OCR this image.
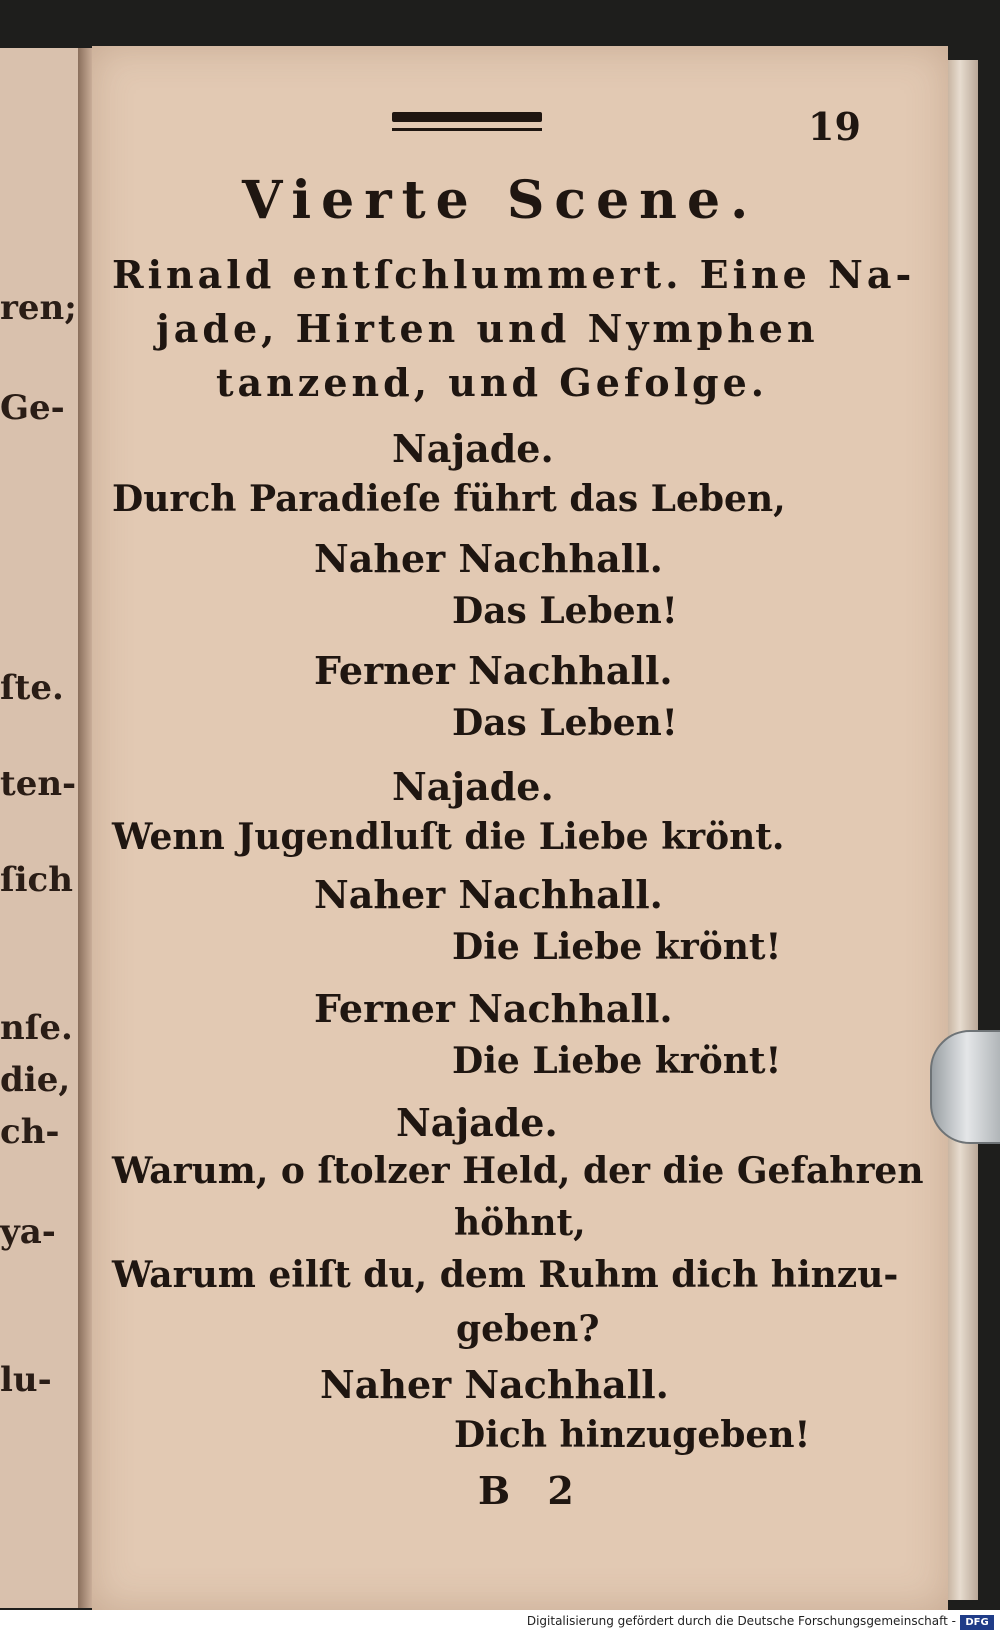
ren;
Ge-
ſte.
ten-
ſich
nſe.
die,
ch-
ya-
lu-
19
Vierte Scene.
Rinald entſchlummert. Eine Na-
jade, Hirten und Nymphen
tanzend, und Gefolge.
Najade.
Durch Paradieſe führt das Leben,
Naher Nachhall.
Das Leben!
Ferner Nachhall.
Das Leben!
Najade.
Wenn Jugendluſt die Liebe krönt.
Naher Nachhall.
Die Liebe krönt!
Ferner Nachhall.
Die Liebe krönt!
Najade.
Warum, o ſtolzer Held, der die Gefahren
höhnt,
Warum eilſt du, dem Ruhm dich hinzu-
geben?
Naher Nachhall.
Dich hinzugeben!
B 2
Digitalisierung gefördert durch die Deutsche Forschungsgemeinschaft - DFG
